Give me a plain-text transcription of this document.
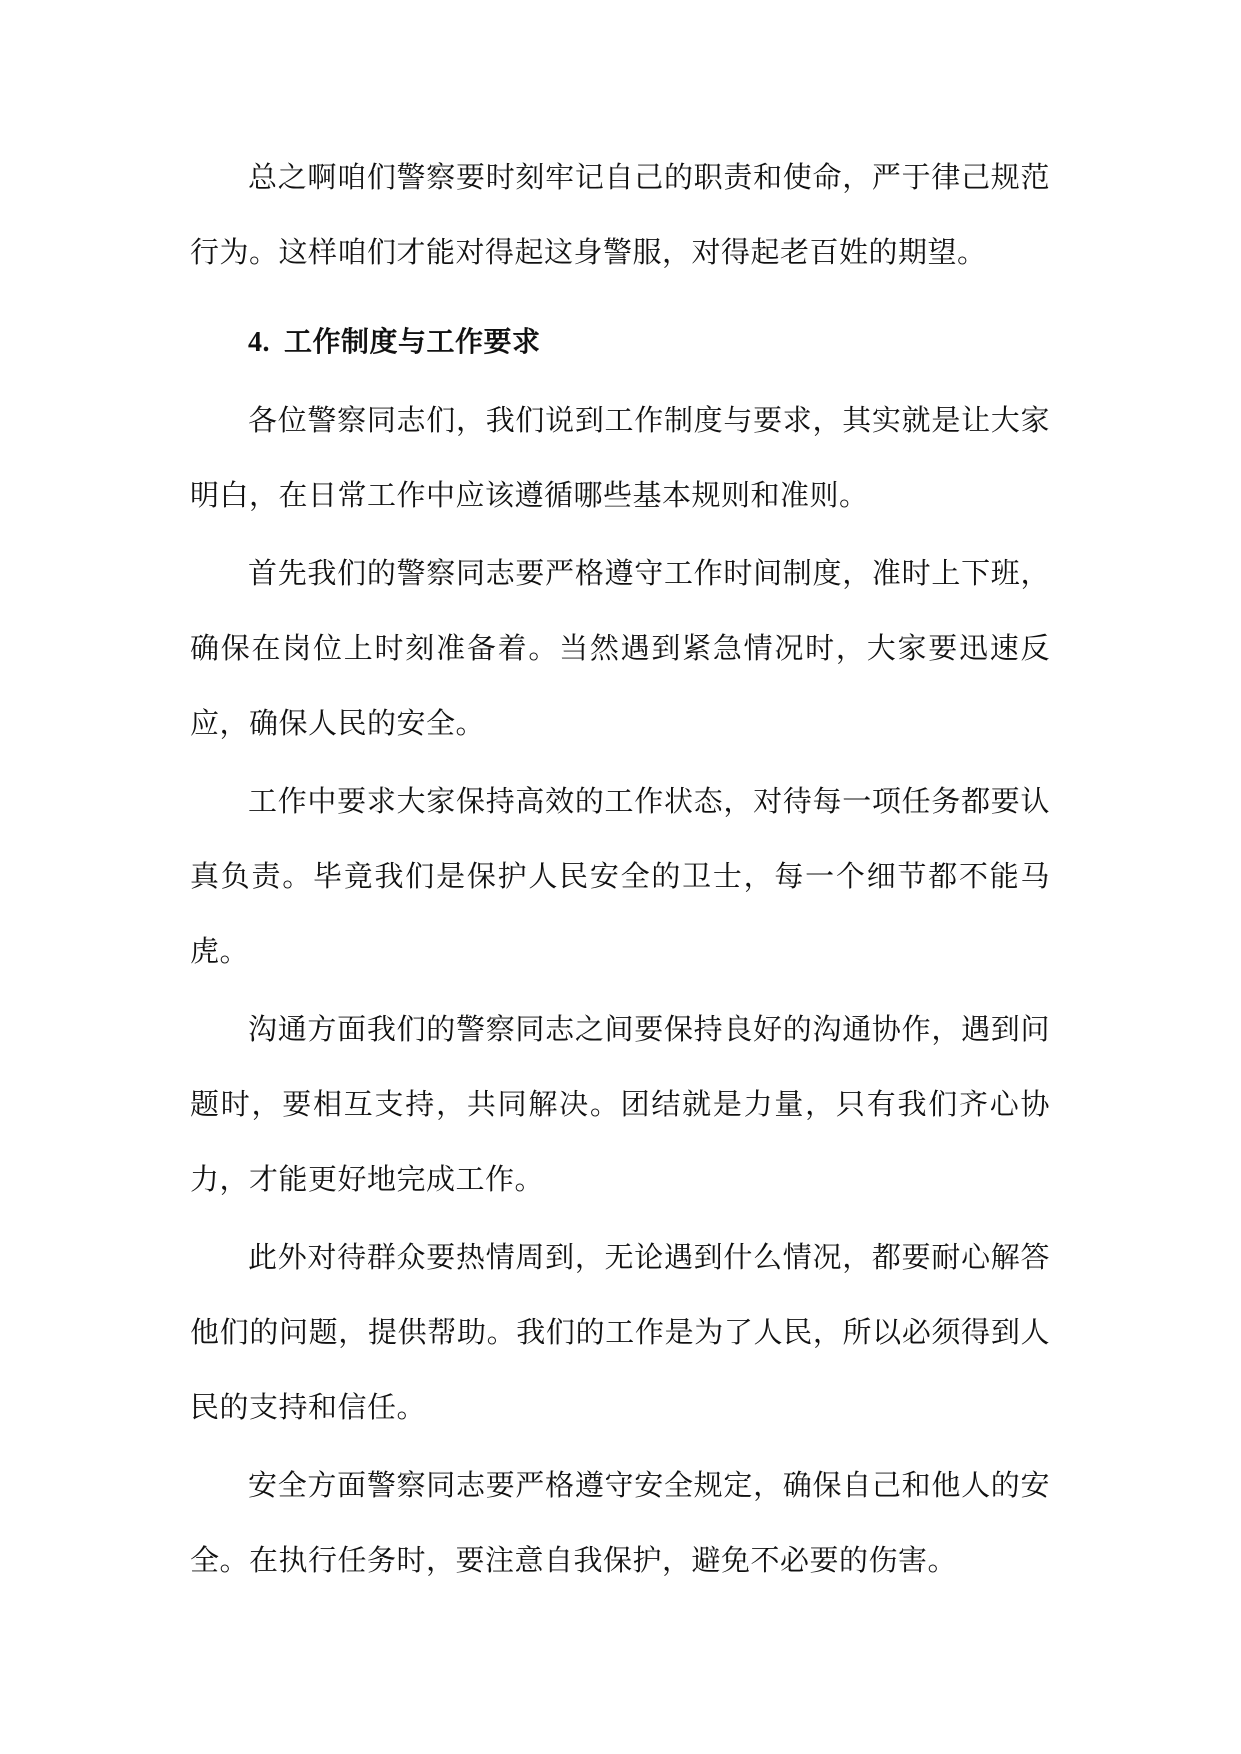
总之啊咱们警察要时刻牢记自己的职责和使命，严于律己规范行为。这样咱们才能对得起这身警服，对得起老百姓的期望。

4. 工作制度与工作要求

各位警察同志们，我们说到工作制度与要求，其实就是让大家明白，在日常工作中应该遵循哪些基本规则和准则。

首先我们的警察同志要严格遵守工作时间制度，准时上下班，确保在岗位上时刻准备着。当然遇到紧急情况时，大家要迅速反应，确保人民的安全。

工作中要求大家保持高效的工作状态，对待每一项任务都要认真负责。毕竟我们是保护人民安全的卫士，每一个细节都不能马虎。

沟通方面我们的警察同志之间要保持良好的沟通协作，遇到问题时，要相互支持，共同解决。团结就是力量，只有我们齐心协力，才能更好地完成工作。

此外对待群众要热情周到，无论遇到什么情况，都要耐心解答他们的问题，提供帮助。我们的工作是为了人民，所以必须得到人民的支持和信任。

安全方面警察同志要严格遵守安全规定，确保自己和他人的安全。在执行任务时，要注意自我保护，避免不必要的伤害。
